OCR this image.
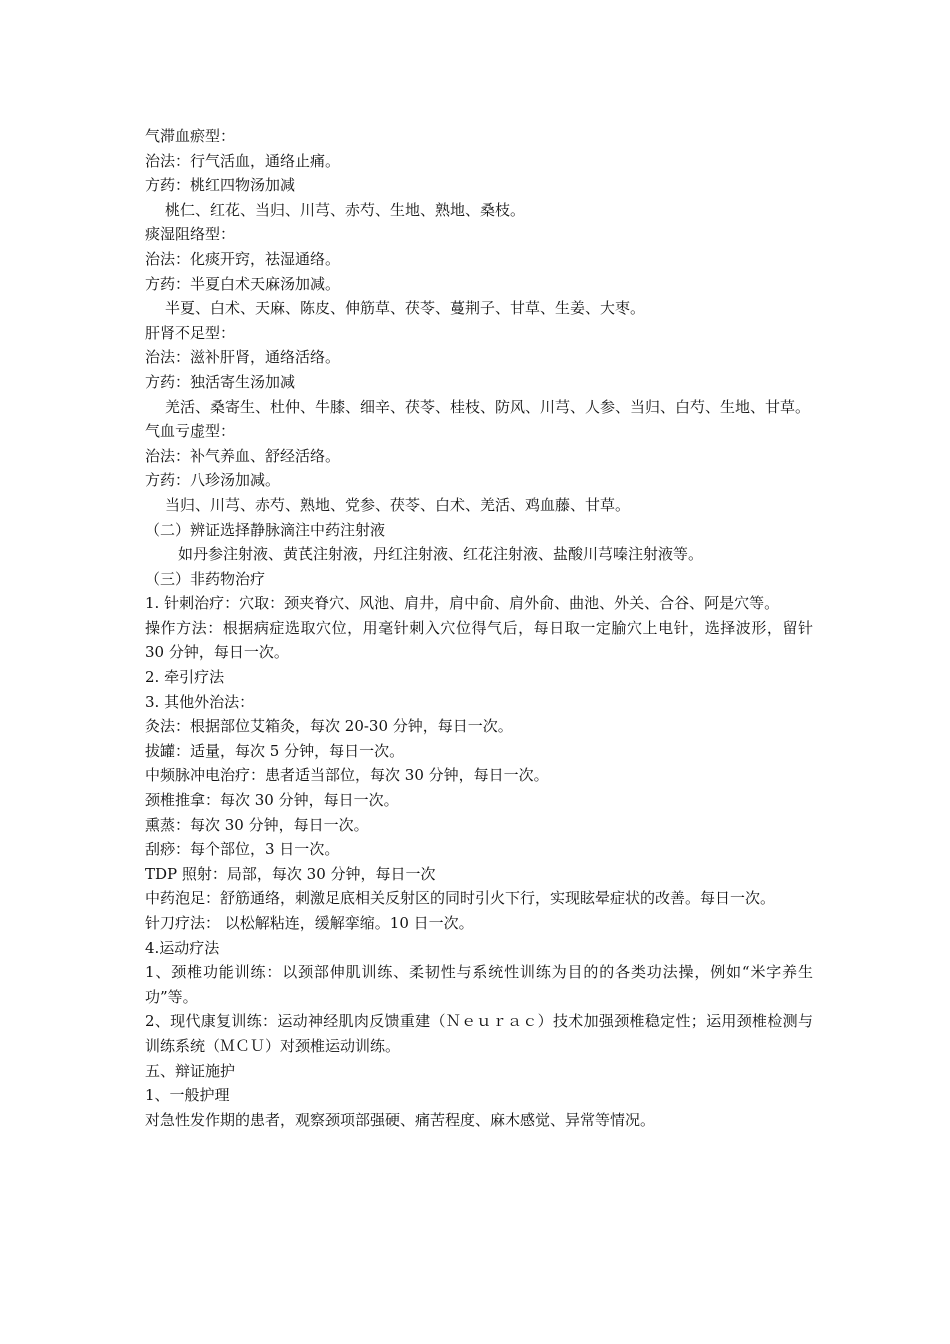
气滞血瘀型：
治法：行气活血，通络止痛。
方药：桃红四物汤加减
桃仁、红花、当归、川芎、赤芍、生地、熟地、桑枝。
痰湿阻络型：
治法：化痰开窍，祛湿通络。
方药：半夏白术天麻汤加减。
半夏、白术、天麻、陈皮、伸筋草、茯苓、蔓荆子、甘草、生姜、大枣。
肝肾不足型：
治法：滋补肝肾，通络活络。
方药：独活寄生汤加减
羌活、桑寄生、杜仲、牛膝、细辛、茯苓、桂枝、防风、川芎、人参、当归、白芍、生地、甘草。
气血亏虚型：
治法：补气养血、舒经活络。
方药：八珍汤加减。
当归、川芎、赤芍、熟地、党参、茯苓、白术、羌活、鸡血藤、甘草。
（二）辨证选择静脉滴注中药注射液
如丹参注射液、黄芪注射液，丹红注射液、红花注射液、盐酸川芎嗪注射液等。
（三）非药物治疗
1. 针刺治疗：穴取：颈夹脊穴、风池、肩井，肩中俞、肩外俞、曲池、外关、合谷、阿是穴等。
操作方法：根据病症选取穴位，用毫针刺入穴位得气后，每日取一定腧穴上电针，选择波形，留针 30 分钟，每日一次。
2. 牵引疗法
3. 其他外治法：
灸法：根据部位艾箱灸，每次 20-30 分钟，每日一次。
拔罐：适量，每次 5 分钟，每日一次。
中频脉冲电治疗：患者适当部位，每次 30 分钟，每日一次。
颈椎推拿：每次 30 分钟，每日一次。
熏蒸：每次 30 分钟，每日一次。
刮痧：每个部位，3 日一次。
TDP 照射：局部，每次 30 分钟，每日一次
中药泡足：舒筋通络，刺激足底相关反射区的同时引火下行，实现眩晕症状的改善。每日一次。
针刀疗法： 以松解粘连，缓解挛缩。10 日一次。
4.运动疗法
1、颈椎功能训练：以颈部伸肌训练、柔韧性与系统性训练为目的的各类功法操，例如“米字养生功”等。
2、现代康复训练：运动神经肌肉反馈重建（Ｎｅｕｒａｃ）技术加强颈椎稳定性；运用颈椎检测与训练系统（ＭＣＵ）对颈椎运动训练。
五、辩证施护
1、一般护理
对急性发作期的患者，观察颈项部强硬、痛苦程度、麻木感觉、异常等情况。
